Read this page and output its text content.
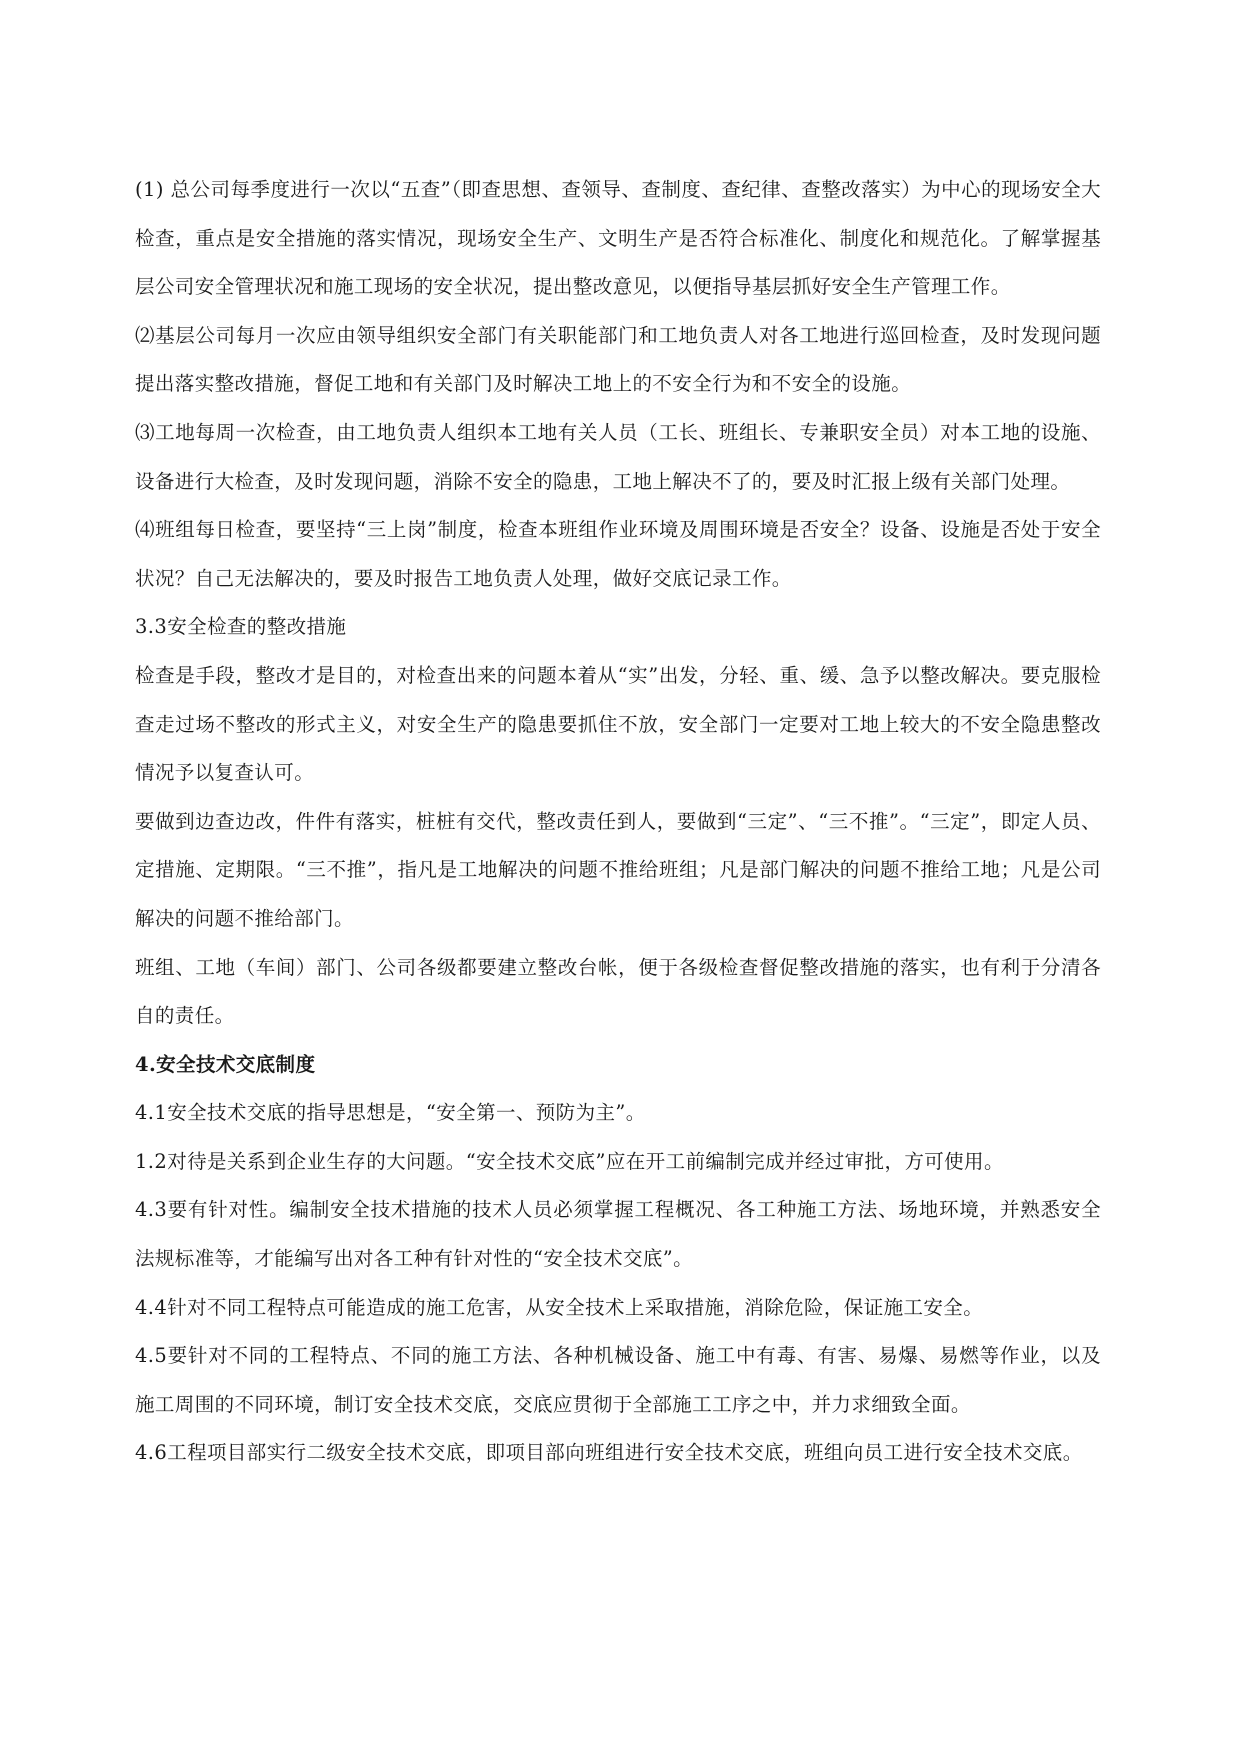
(1) 总公司每季度进行一次以“五查”（即查思想、查领导、查制度、查纪律、查整改落实）为中心的现场安全大检查，重点是安全措施的落实情况，现场安全生产、文明生产是否符合标准化、制度化和规范化。了解掌握基层公司安全管理状况和施工现场的安全状况，提出整改意见，以便指导基层抓好安全生产管理工作。

⑵基层公司每月一次应由领导组织安全部门有关职能部门和工地负责人对各工地进行巡回检查，及时发现问题提出落实整改措施，督促工地和有关部门及时解决工地上的不安全行为和不安全的设施。

⑶工地每周一次检查，由工地负责人组织本工地有关人员（工长、班组长、专兼职安全员）对本工地的设施、设备进行大检查，及时发现问题，消除不安全的隐患，工地上解决不了的，要及时汇报上级有关部门处理。

⑷班组每日检查，要坚持“三上岗”制度，检查本班组作业环境及周围环境是否安全？设备、设施是否处于安全状况？自己无法解决的，要及时报告工地负责人处理，做好交底记录工作。

3.3安全检查的整改措施

检查是手段，整改才是目的，对检查出来的问题本着从“实”出发，分轻、重、缓、急予以整改解决。要克服检查走过场不整改的形式主义，对安全生产的隐患要抓住不放，安全部门一定要对工地上较大的不安全隐患整改情况予以复查认可。

要做到边查边改，件件有落实，桩桩有交代，整改责任到人，要做到“三定”、“三不推”。“三定”，即定人员、定措施、定期限。“三不推”，指凡是工地解决的问题不推给班组；凡是部门解决的问题不推给工地；凡是公司解决的问题不推给部门。

班组、工地（车间）部门、公司各级都要建立整改台帐，便于各级检查督促整改措施的落实，也有利于分清各自的责任。

4.安全技术交底制度

4.1安全技术交底的指导思想是，“安全第一、预防为主”。

1.2对待是关系到企业生存的大问题。“安全技术交底”应在开工前编制完成并经过审批，方可使用。

4.3要有针对性。编制安全技术措施的技术人员必须掌握工程概况、各工种施工方法、场地环境，并熟悉安全法规标准等，才能编写出对各工种有针对性的“安全技术交底”。

4.4针对不同工程特点可能造成的施工危害，从安全技术上采取措施，消除危险，保证施工安全。

4.5要针对不同的工程特点、不同的施工方法、各种机械设备、施工中有毒、有害、易爆、易燃等作业，以及施工周围的不同环境，制订安全技术交底，交底应贯彻于全部施工工序之中，并力求细致全面。

4.6工程项目部实行二级安全技术交底，即项目部向班组进行安全技术交底，班组向员工进行安全技术交底。
